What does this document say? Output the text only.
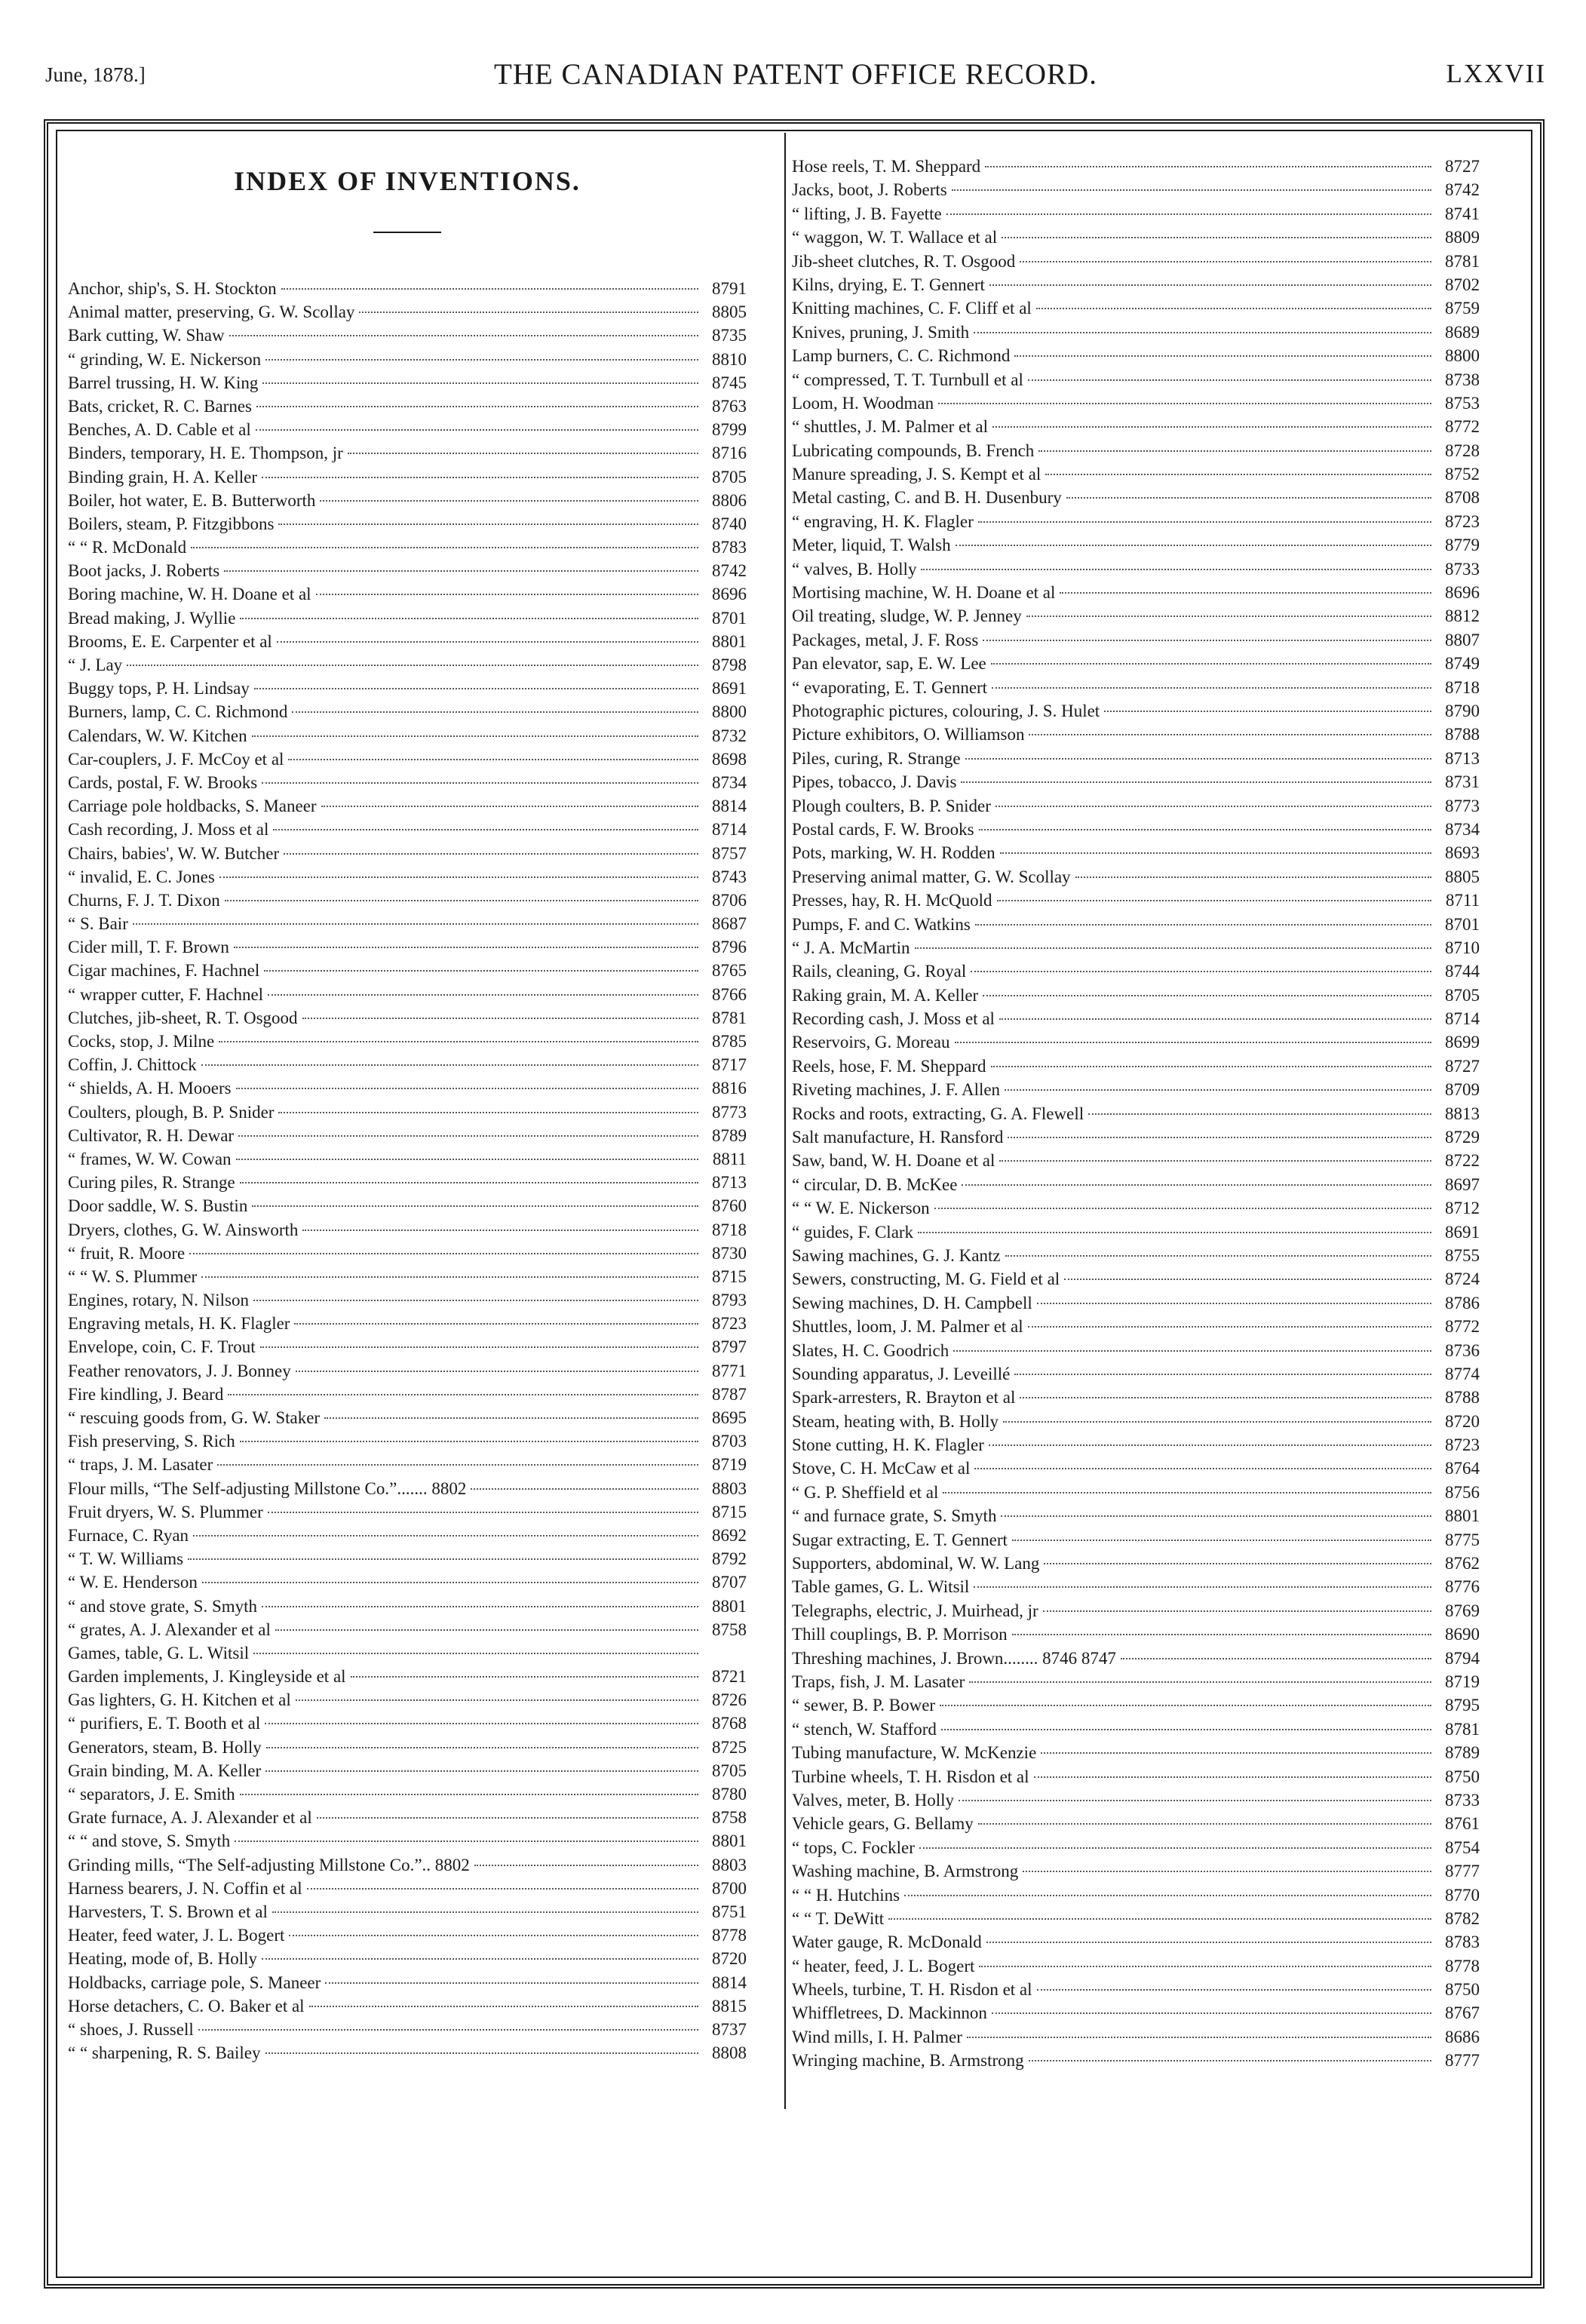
June, 1878.]	THE CANADIAN PATENT OFFICE RECORD.	LXXVII
INDEX OF INVENTIONS.
Anchor, ship's, S. H. Stockton	8791
Animal matter, preserving, G. W. Scollay	8805
Bark cutting, W. Shaw	8735
“ grinding, W. E. Nickerson	8810
Barrel trussing, H. W. King	8745
Bats, cricket, R. C. Barnes	8763
Benches, A. D. Cable et al	8799
Binders, temporary, H. E. Thompson, jr	8716
Binding grain, H. A. Keller	8705
Boiler, hot water, E. B. Butterworth	8806
Boilers, steam, P. Fitzgibbons	8740
“ “ R. McDonald	8783
Boot jacks, J. Roberts	8742
Boring machine, W. H. Doane et al	8696
Bread making, J. Wyllie	8701
Brooms, E. E. Carpenter et al	8801
“ J. Lay	8798
Buggy tops, P. H. Lindsay	8691
Burners, lamp, C. C. Richmond	8800
Calendars, W. W. Kitchen	8732
Car-couplers, J. F. McCoy et al	8698
Cards, postal, F. W. Brooks	8734
Carriage pole holdbacks, S. Maneer	8814
Cash recording, J. Moss et al	8714
Chairs, babies', W. W. Butcher	8757
“ invalid, E. C. Jones	8743
Churns, F. J. T. Dixon	8706
“ S. Bair	8687
Cider mill, T. F. Brown	8796
Cigar machines, F. Hachnel	8765
“ wrapper cutter, F. Hachnel	8766
Clutches, jib-sheet, R. T. Osgood	8781
Cocks, stop, J. Milne	8785
Coffin, J. Chittock	8717
“ shields, A. H. Mooers	8816
Coulters, plough, B. P. Snider	8773
Cultivator, R. H. Dewar	8789
“ frames, W. W. Cowan	8811
Curing piles, R. Strange	8713
Door saddle, W. S. Bustin	8760
Dryers, clothes, G. W. Ainsworth	8718
“ fruit, R. Moore	8730
“ “ W. S. Plummer	8715
Engines, rotary, N. Nilson	8793
Engraving metals, H. K. Flagler	8723
Envelope, coin, C. F. Trout	8797
Feather renovators, J. J. Bonney	8771
Fire kindling, J. Beard	8787
“ rescuing goods from, G. W. Staker	8695
Fish preserving, S. Rich	8703
“ traps, J. M. Lasater	8719
Flour mills, “The Self-adjusting Millstone Co.”....... 8802	8803
Fruit dryers, W. S. Plummer	8715
Furnace, C. Ryan	8692
“ T. W. Williams	8792
“ W. E. Henderson	8707
“ and stove grate, S. Smyth	8801
“ grates, A. J. Alexander et al	8758
Games, table, G. L. Witsil
Garden implements, J. Kingleyside et al	8721
Gas lighters, G. H. Kitchen et al	8726
“ purifiers, E. T. Booth et al	8768
Generators, steam, B. Holly	8725
Grain binding, M. A. Keller	8705
“ separators, J. E. Smith	8780
Grate furnace, A. J. Alexander et al	8758
“ “ and stove, S. Smyth	8801
Grinding mills, “The Self-adjusting Millstone Co.”.. 8802	8803
Harness bearers, J. N. Coffin et al	8700
Harvesters, T. S. Brown et al	8751
Heater, feed water, J. L. Bogert	8778
Heating, mode of, B. Holly	8720
Holdbacks, carriage pole, S. Maneer	8814
Horse detachers, C. O. Baker et al	8815
“ shoes, J. Russell	8737
“ “ sharpening, R. S. Bailey	8808
Hose reels, T. M. Sheppard	8727
Jacks, boot, J. Roberts	8742
“ lifting, J. B. Fayette	8741
“ waggon, W. T. Wallace et al	8809
Jib-sheet clutches, R. T. Osgood	8781
Kilns, drying, E. T. Gennert	8702
Knitting machines, C. F. Cliff et al	8759
Knives, pruning, J. Smith	8689
Lamp burners, C. C. Richmond	8800
“ compressed, T. T. Turnbull et al	8738
Loom, H. Woodman	8753
“ shuttles, J. M. Palmer et al	8772
Lubricating compounds, B. French	8728
Manure spreading, J. S. Kempt et al	8752
Metal casting, C. and B. H. Dusenbury	8708
“ engraving, H. K. Flagler	8723
Meter, liquid, T. Walsh	8779
“ valves, B. Holly	8733
Mortising machine, W. H. Doane et al	8696
Oil treating, sludge, W. P. Jenney	8812
Packages, metal, J. F. Ross	8807
Pan elevator, sap, E. W. Lee	8749
“ evaporating, E. T. Gennert	8718
Photographic pictures, colouring, J. S. Hulet	8790
Picture exhibitors, O. Williamson	8788
Piles, curing, R. Strange	8713
Pipes, tobacco, J. Davis	8731
Plough coulters, B. P. Snider	8773
Postal cards, F. W. Brooks	8734
Pots, marking, W. H. Rodden	8693
Preserving animal matter, G. W. Scollay	8805
Presses, hay, R. H. McQuold	8711
Pumps, F. and C. Watkins	8701
“ J. A. McMartin	8710
Rails, cleaning, G. Royal	8744
Raking grain, M. A. Keller	8705
Recording cash, J. Moss et al	8714
Reservoirs, G. Moreau	8699
Reels, hose, F. M. Sheppard	8727
Riveting machines, J. F. Allen	8709
Rocks and roots, extracting, G. A. Flewell	8813
Salt manufacture, H. Ransford	8729
Saw, band, W. H. Doane et al	8722
“ circular, D. B. McKee	8697
“ “ W. E. Nickerson	8712
“ guides, F. Clark	8691
Sawing machines, G. J. Kantz	8755
Sewers, constructing, M. G. Field et al	8724
Sewing machines, D. H. Campbell	8786
Shuttles, loom, J. M. Palmer et al	8772
Slates, H. C. Goodrich	8736
Sounding apparatus, J. Leveillé	8774
Spark-arresters, R. Brayton et al	8788
Steam, heating with, B. Holly	8720
Stone cutting, H. K. Flagler	8723
Stove, C. H. McCaw et al	8764
“ G. P. Sheffield et al	8756
“ and furnace grate, S. Smyth	8801
Sugar extracting, E. T. Gennert	8775
Supporters, abdominal, W. W. Lang	8762
Table games, G. L. Witsil	8776
Telegraphs, electric, J. Muirhead, jr	8769
Thill couplings, B. P. Morrison	8690
Threshing machines, J. Brown........ 8746 8747	8794
Traps, fish, J. M. Lasater	8719
“ sewer, B. P. Bower	8795
“ stench, W. Stafford	8781
Tubing manufacture, W. McKenzie	8789
Turbine wheels, T. H. Risdon et al	8750
Valves, meter, B. Holly	8733
Vehicle gears, G. Bellamy	8761
“ tops, C. Fockler	8754
Washing machine, B. Armstrong	8777
“ “ H. Hutchins	8770
“ “ T. DeWitt	8782
Water gauge, R. McDonald	8783
“ heater, feed, J. L. Bogert	8778
Wheels, turbine, T. H. Risdon et al	8750
Whiffletrees, D. Mackinnon	8767
Wind mills, I. H. Palmer	8686
Wringing machine, B. Armstrong	8777
